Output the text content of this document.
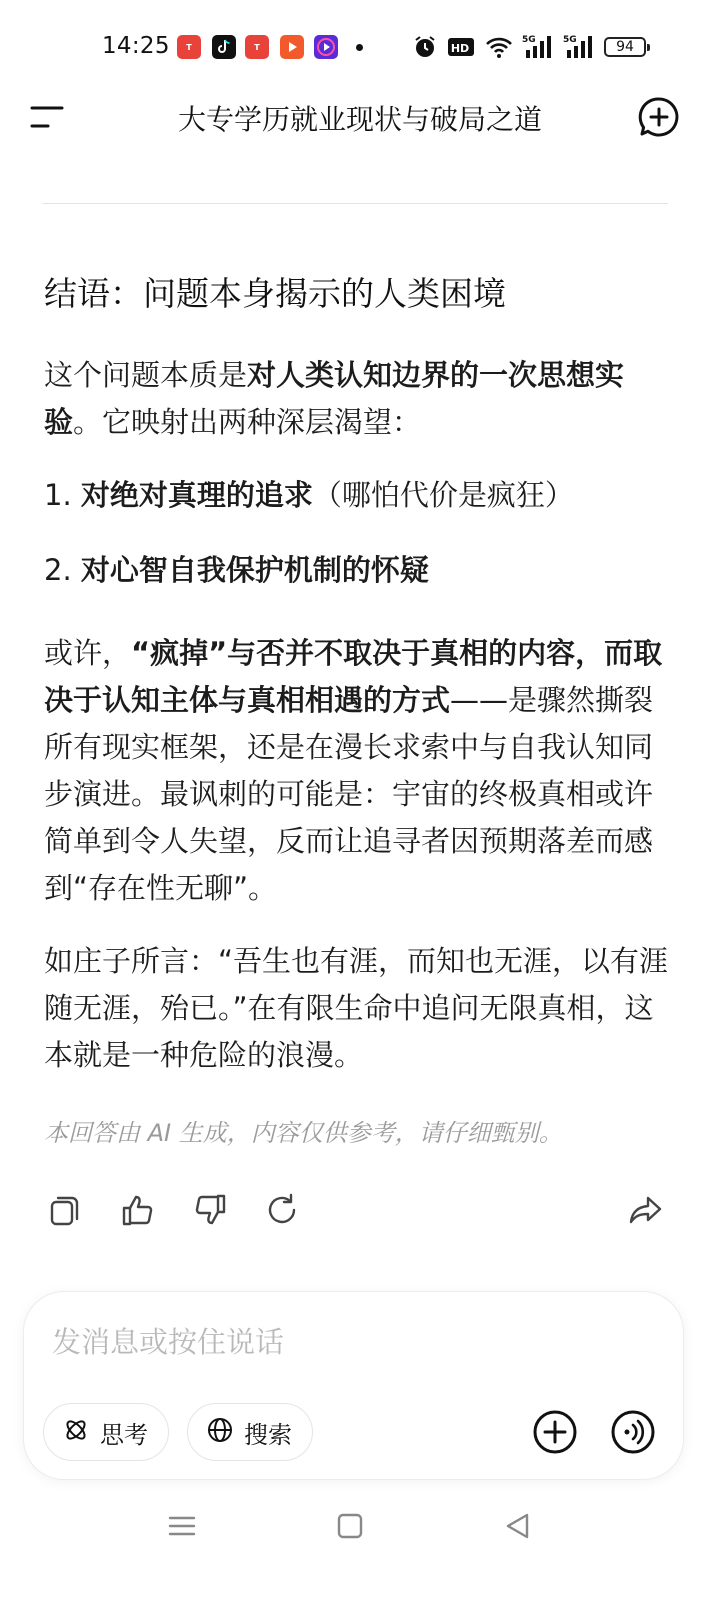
14:25 T	T	HD
5G	5G	94
大专学历就业现状与破局之道
结语：问题本身揭示的人类困境

这个问题本质是对人类认知边界的一次思想实验。它映射出两种深层渴望：

1. 对绝对真理的追求（哪怕代价是疯狂）
2. 对心智自我保护机制的怀疑

或许，“疯掉”与否并不取决于真相的内容，而取决于认知主体与真相相遇的方式——是骤然撕裂所有现实框架，还是在漫长求索中与自我认知同步演进。最讽刺的可能是：宇宙的终极真相或许简单到令人失望，反而让追寻者因预期落差而感到“存在性无聊”。

如庄子所言：“吾生也有涯，而知也无涯，以有涯随无涯，殆已。”在有限生命中追问无限真相，这本就是一种危险的浪漫。

本回答由 AI 生成，内容仅供参考，请仔细甄别。

发消息或按住说话
思考	搜索
